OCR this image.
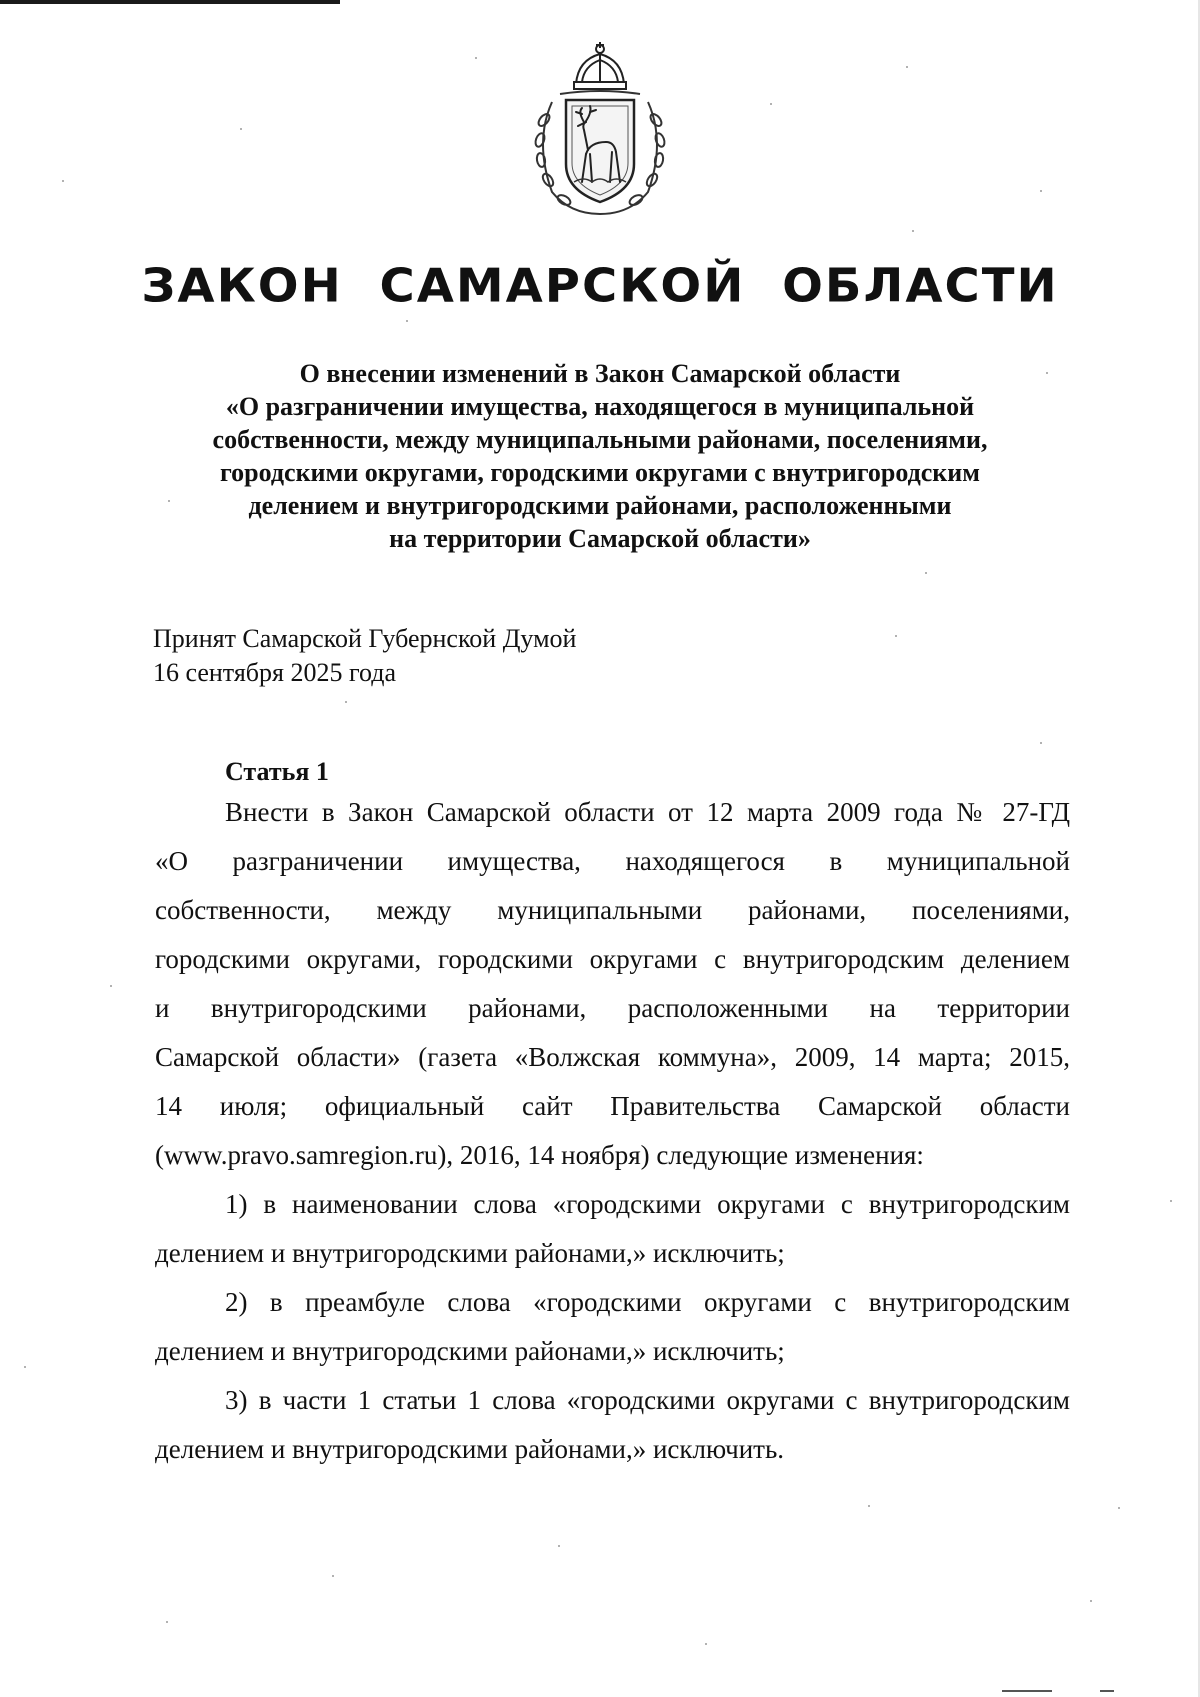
ЗАКОН САМАРСКОЙ ОБЛАСТИ
О внесении изменений в Закон Самарской области
«О разграничении имущества, находящегося в муниципальной
собственности, между муниципальными районами, поселениями,
городскими округами, городскими округами с внутригородским
делением и внутригородскими районами, расположенными
на территории Самарской области»
Принят Самарской Губернской Думой
16 сентября 2025 года
Статья 1
Внести в Закон Самарской области от 12 марта 2009 года № 27-ГД
«О разграничении имущества, находящегося в муниципальной
собственности, между муниципальными районами, поселениями,
городскими округами, городскими округами с внутригородским делением
и внутригородскими районами, расположенными на территории
Самарской области» (газета «Волжская коммуна», 2009, 14 марта; 2015,
14 июля; официальный сайт Правительства Самарской области
(www.pravo.samregion.ru), 2016, 14 ноября) следующие изменения:
1) в наименовании слова «городскими округами с внутригородским
делением и внутригородскими районами,» исключить;
2) в преамбуле слова «городскими округами с внутригородским
делением и внутригородскими районами,» исключить;
3) в части 1 статьи 1 слова «городскими округами с внутригородским
делением и внутригородскими районами,» исключить.
